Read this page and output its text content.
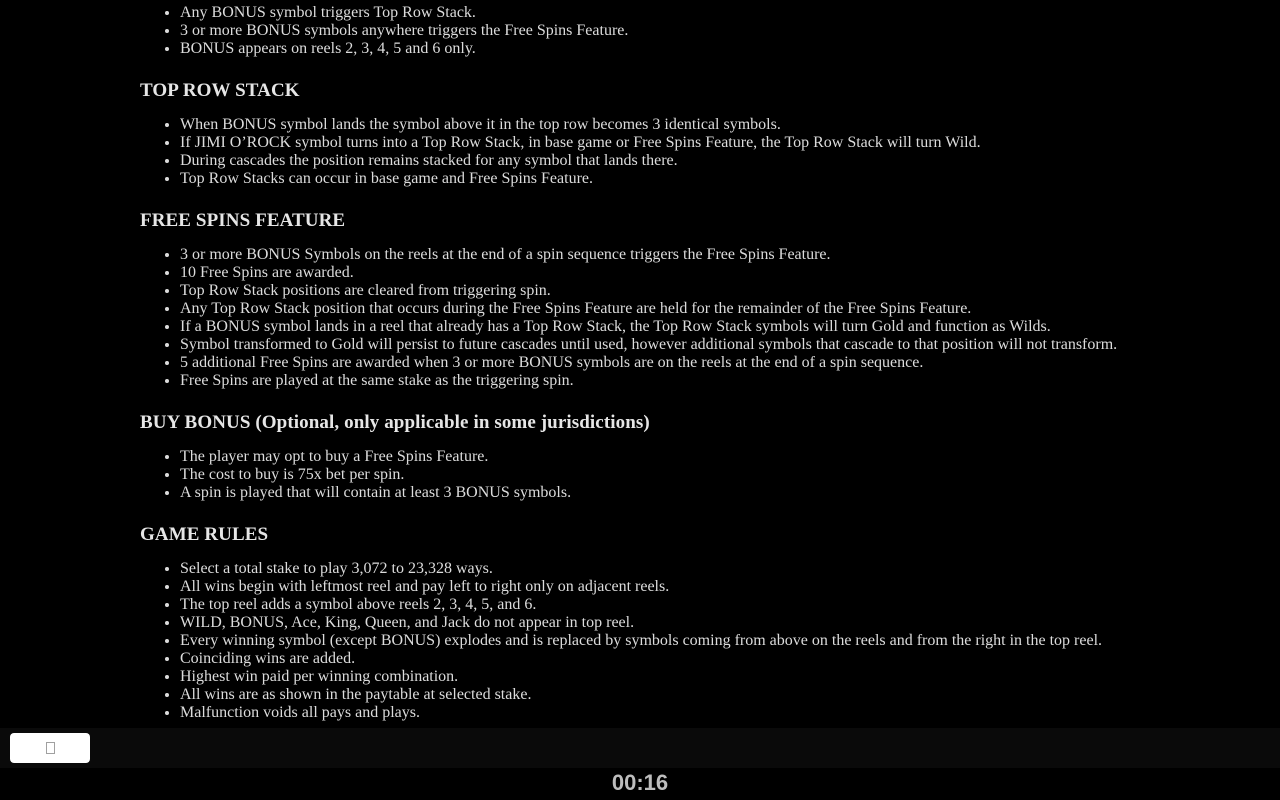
• Any BONUS symbol triggers Top Row Stack.
• 3 or more BONUS symbols anywhere triggers the Free Spins Feature.
• BONUS appears on reels 2, 3, 4, 5 and 6 only.
TOP ROW STACK
• When BONUS symbol lands the symbol above it in the top row becomes 3 identical symbols.
• If JIMI O’ROCK symbol turns into a Top Row Stack, in base game or Free Spins Feature, the Top Row Stack will turn Wild.
• During cascades the position remains stacked for any symbol that lands there.
• Top Row Stacks can occur in base game and Free Spins Feature.
FREE SPINS FEATURE
• 3 or more BONUS Symbols on the reels at the end of a spin sequence triggers the Free Spins Feature.
• 10 Free Spins are awarded.
• Top Row Stack positions are cleared from triggering spin.
• Any Top Row Stack position that occurs during the Free Spins Feature are held for the remainder of the Free Spins Feature.
• If a BONUS symbol lands in a reel that already has a Top Row Stack, the Top Row Stack symbols will turn Gold and function as Wilds.
• Symbol transformed to Gold will persist to future cascades until used, however additional symbols that cascade to that position will not transform.
• 5 additional Free Spins are awarded when 3 or more BONUS symbols are on the reels at the end of a spin sequence.
• Free Spins are played at the same stake as the triggering spin.
BUY BONUS (Optional, only applicable in some jurisdictions)
• The player may opt to buy a Free Spins Feature.
• The cost to buy is 75x bet per spin.
• A spin is played that will contain at least 3 BONUS symbols.
GAME RULES
• Select a total stake to play 3,072 to 23,328 ways.
• All wins begin with leftmost reel and pay left to right only on adjacent reels.
• The top reel adds a symbol above reels 2, 3, 4, 5, and 6.
• WILD, BONUS, Ace, King, Queen, and Jack do not appear in top reel.
• Every winning symbol (except BONUS) explodes and is replaced by symbols coming from above on the reels and from the right in the top reel.
• Coinciding wins are added.
• Highest win paid per winning combination.
• All wins are as shown in the paytable at selected stake.
• Malfunction voids all pays and plays.
00:16
